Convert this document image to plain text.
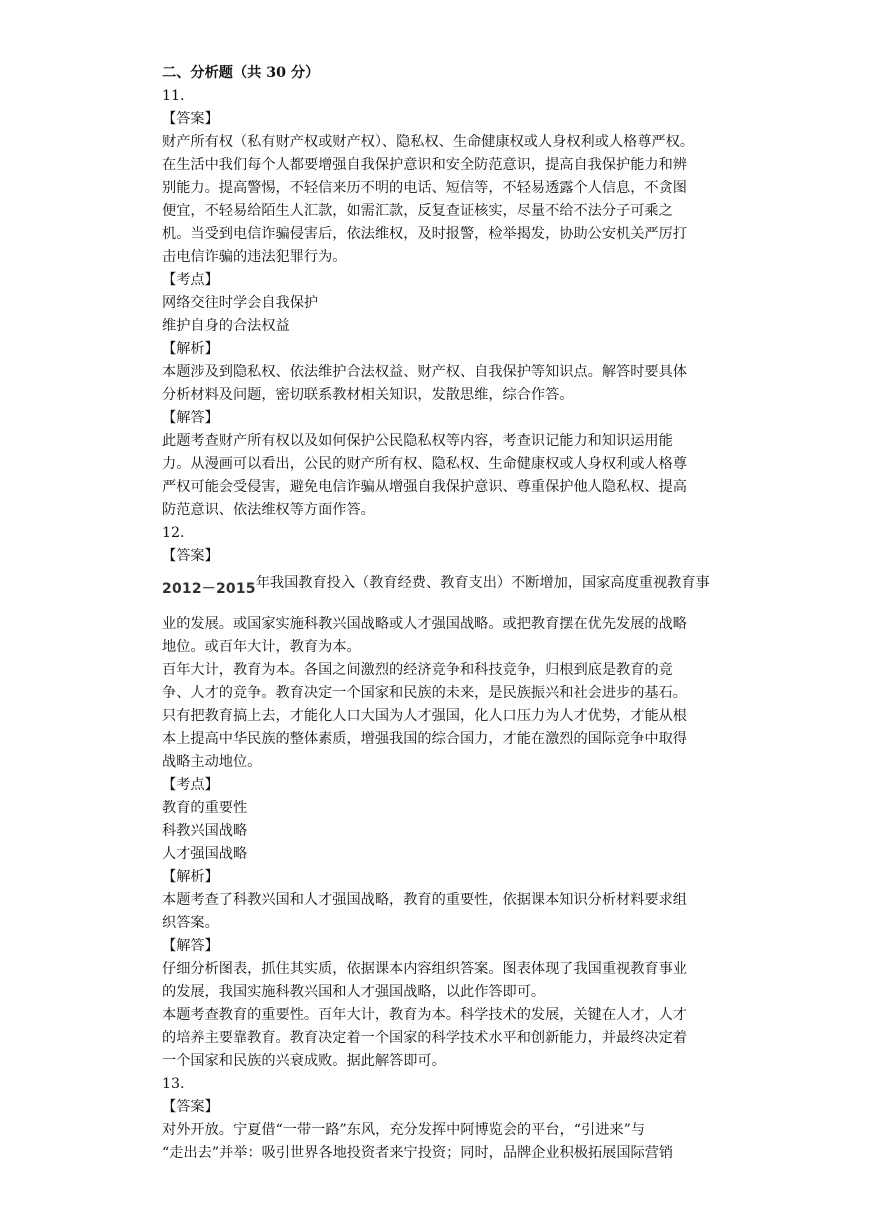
二、分析题（共 30 分）
11.
【答案】
财产所有权（私有财产权或财产权）、隐私权、生命健康权或人身权利或人格尊严权。
在生活中我们每个人都要增强自我保护意识和安全防范意识，提高自我保护能力和辨
别能力。提高警惕，不轻信来历不明的电话、短信等，不轻易透露个人信息，不贪图
便宜，不轻易给陌生人汇款，如需汇款，反复查证核实，尽量不给不法分子可乘之
机。当受到电信诈骗侵害后，依法维权，及时报警，检举揭发，协助公安机关严厉打
击电信诈骗的违法犯罪行为。
【考点】
网络交往时学会自我保护
维护自身的合法权益
【解析】
本题涉及到隐私权、依法维护合法权益、财产权、自我保护等知识点。解答时要具体
分析材料及问题，密切联系教材相关知识，发散思维，综合作答。
【解答】
此题考查财产所有权以及如何保护公民隐私权等内容，考查识记能力和知识运用能
力。从漫画可以看出，公民的财产所有权、隐私权、生命健康权或人身权利或人格尊
严权可能会受侵害，避免电信诈骗从增强自我保护意识、尊重保护他人隐私权、提高
防范意识、依法维权等方面作答。
12.
【答案】
2012－2015 年我国教育投入（教育经费、教育支出）不断增加，国家高度重视教育事
业的发展。或国家实施科教兴国战略或人才强国战略。或把教育摆在优先发展的战略
地位。或百年大计，教育为本。
百年大计，教育为本。各国之间激烈的经济竞争和科技竞争，归根到底是教育的竞
争、人才的竞争。教育决定一个国家和民族的未来，是民族振兴和社会进步的基石。
只有把教育搞上去，才能化人口大国为人才强国，化人口压力为人才优势，才能从根
本上提高中华民族的整体素质，增强我国的综合国力，才能在激烈的国际竞争中取得
战略主动地位。
【考点】
教育的重要性
科教兴国战略
人才强国战略
【解析】
本题考查了科教兴国和人才强国战略，教育的重要性，依据课本知识分析材料要求组
织答案。
【解答】
仔细分析图表，抓住其实质，依据课本内容组织答案。图表体现了我国重视教育事业
的发展，我国实施科教兴国和人才强国战略，以此作答即可。
本题考查教育的重要性。百年大计，教育为本。科学技术的发展，关键在人才，人才
的培养主要靠教育。教育决定着一个国家的科学技术水平和创新能力，并最终决定着
一个国家和民族的兴衰成败。据此解答即可。
13.
【答案】
对外开放。宁夏借“一带一路”东风，充分发挥中阿博览会的平台，“引进来”与
“走出去”并举：吸引世界各地投资者来宁投资；同时，品牌企业积极拓展国际营销
